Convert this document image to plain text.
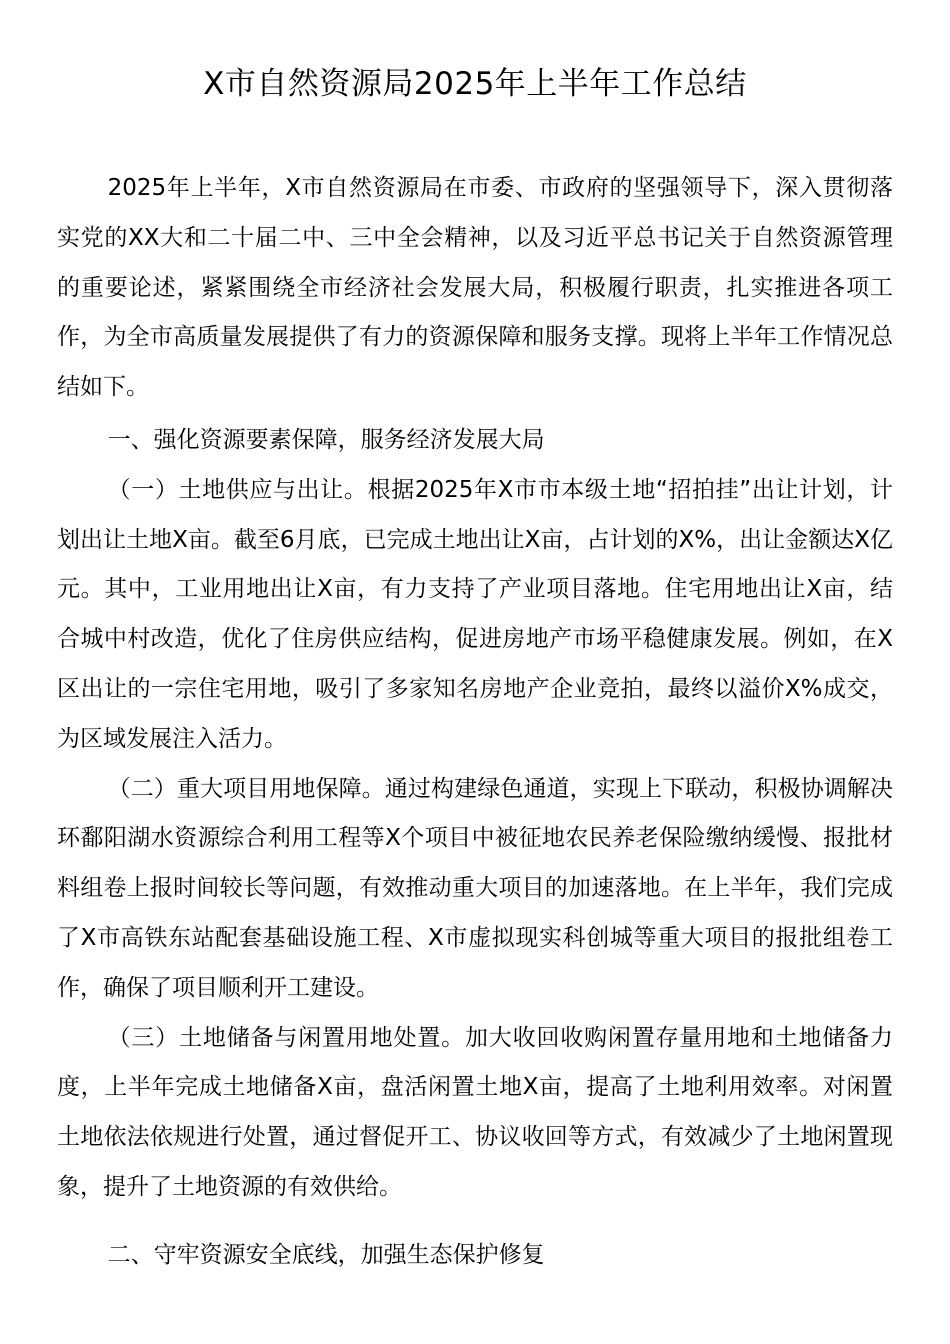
X市自然资源局2025年上半年工作总结

2025年上半年，X市自然资源局在市委、市政府的坚强领导下，深入贯彻落实党的XX大和二十届二中、三中全会精神，以及习近平总书记关于自然资源管理的重要论述，紧紧围绕全市经济社会发展大局，积极履行职责，扎实推进各项工作，为全市高质量发展提供了有力的资源保障和服务支撑。现将上半年工作情况总结如下。

一、强化资源要素保障，服务经济发展大局

（一）土地供应与出让。根据2025年X市市本级土地“招拍挂”出让计划，计划出让土地X亩。截至6月底，已完成土地出让X亩，占计划的X%，出让金额达X亿元。其中，工业用地出让X亩，有力支持了产业项目落地。住宅用地出让X亩，结合城中村改造，优化了住房供应结构，促进房地产市场平稳健康发展。例如，在X区出让的一宗住宅用地，吸引了多家知名房地产企业竞拍，最终以溢价X%成交，为区域发展注入活力。

（二）重大项目用地保障。通过构建绿色通道，实现上下联动，积极协调解决环鄱阳湖水资源综合利用工程等X个项目中被征地农民养老保险缴纳缓慢、报批材料组卷上报时间较长等问题，有效推动重大项目的加速落地。在上半年，我们完成了X市高铁东站配套基础设施工程、X市虚拟现实科创城等重大项目的报批组卷工作，确保了项目顺利开工建设。

（三）土地储备与闲置用地处置。加大收回收购闲置存量用地和土地储备力度，上半年完成土地储备X亩，盘活闲置土地X亩，提高了土地利用效率。对闲置土地依法依规进行处置，通过督促开工、协议收回等方式，有效减少了土地闲置现象，提升了土地资源的有效供给。

二、守牢资源安全底线，加强生态保护修复
